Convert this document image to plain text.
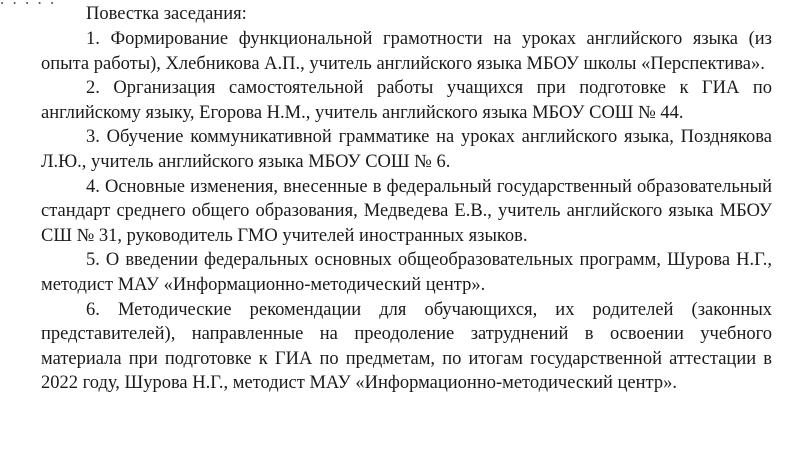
Повестка заседания:

1. Формирование функциональной грамотности на уроках английского языка (из опыта работы), Хлебникова А.П., учитель английского языка МБОУ школы «Перспектива».

2. Организация самостоятельной работы учащихся при подготовке к ГИА по английскому языку, Егорова Н.М., учитель английского языка МБОУ СОШ № 44.

3. Обучение коммуникативной грамматике на уроках английского языка, Позднякова Л.Ю., учитель английского языка МБОУ СОШ № 6.

4. Основные изменения, внесенные в федеральный государственный образовательный стандарт среднего общего образования, Медведева Е.В., учитель английского языка МБОУ СШ № 31, руководитель ГМО учителей иностранных языков.

5. О введении федеральных основных общеобразовательных программ, Шурова Н.Г., методист МАУ «Информационно-методический центр».

6. Методические рекомендации для обучающихся, их родителей (законных представителей), направленные на преодоление затруднений в освоении учебного материала при подготовке к ГИА по предметам, по итогам государственной аттестации в 2022 году, Шурова Н.Г., методист МАУ «Информационно-методический центр».
